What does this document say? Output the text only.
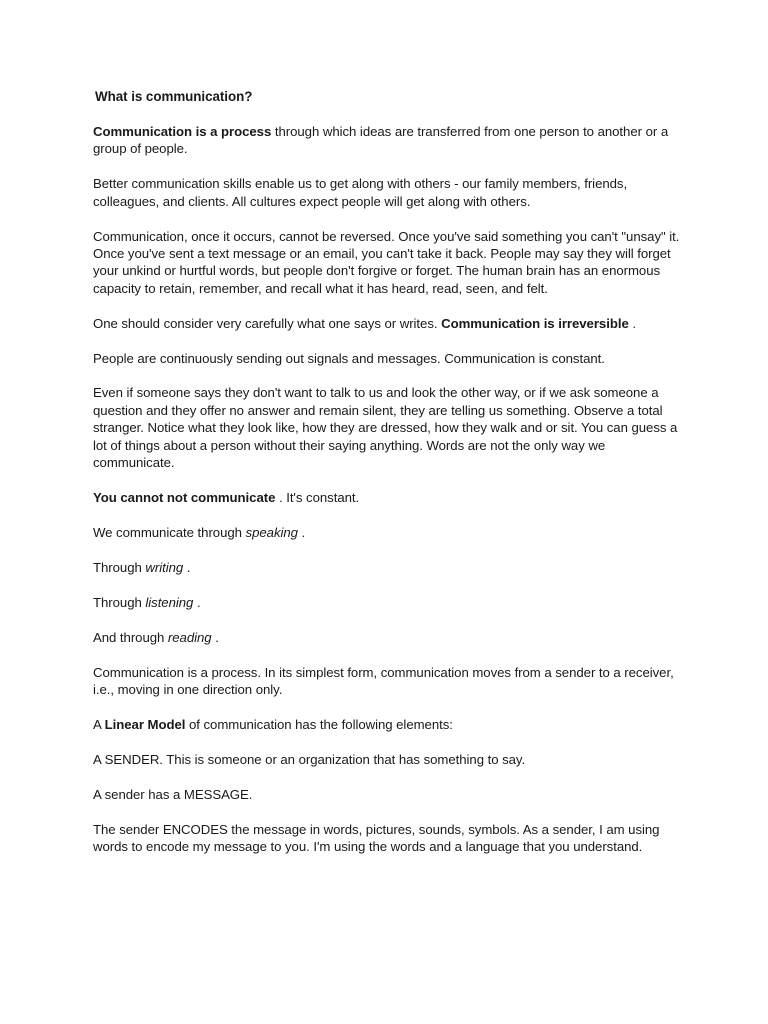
What is communication?

Communication is a process through which ideas are transferred from one person to another or a group of people.

Better communication skills enable us to get along with others - our family members, friends, colleagues, and clients. All cultures expect people will get along with others.

Communication, once it occurs, cannot be reversed. Once you've said something you can't "unsay" it. Once you've sent a text message or an email, you can't take it back. People may say they will forget your unkind or hurtful words, but people don't forgive or forget. The human brain has an enormous capacity to retain, remember, and recall what it has heard, read, seen, and felt.

One should consider very carefully what one says or writes. Communication is irreversible .

People are continuously sending out signals and messages. Communication is constant.

Even if someone says they don't want to talk to us and look the other way, or if we ask someone a question and they offer no answer and remain silent, they are telling us something. Observe a total stranger. Notice what they look like, how they are dressed, how they walk and or sit. You can guess a lot of things about a person without their saying anything. Words are not the only way we communicate.

You cannot not communicate . It's constant.

We communicate through speaking .

Through writing .

Through listening .

And through reading .

Communication is a process. In its simplest form, communication moves from a sender to a receiver, i.e., moving in one direction only.

A Linear Model of communication has the following elements:

A SENDER. This is someone or an organization that has something to say.

A sender has a MESSAGE.

The sender ENCODES the message in words, pictures, sounds, symbols. As a sender, I am using words to encode my message to you. I'm using the words and a language that you understand.
